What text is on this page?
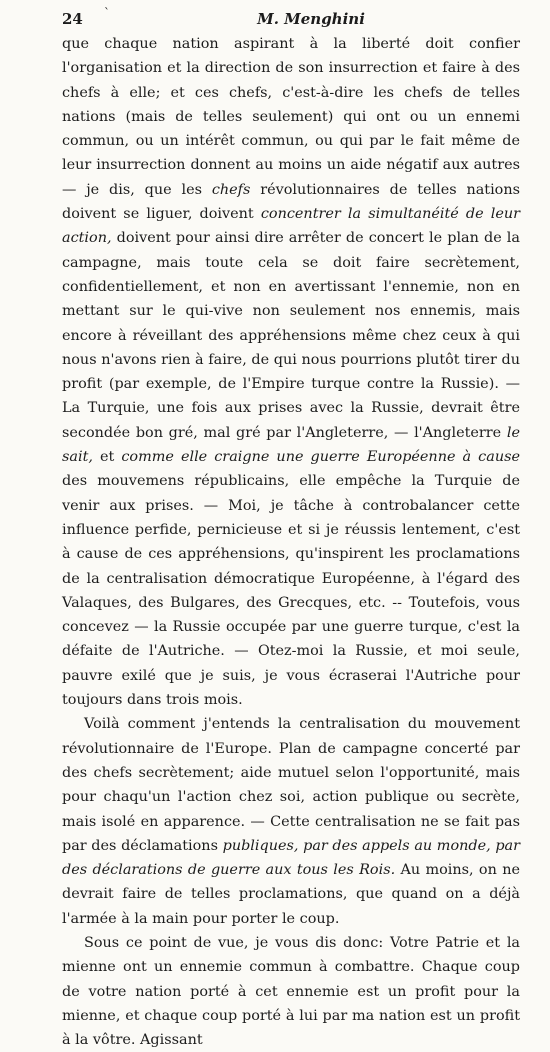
24 `	M. Menghini

que chaque nation aspirant à la liberté doit confier l'organisation et la direction de son insurrection et faire à des chefs à elle; et ces chefs, c'est-à-dire les chefs de telles nations (mais de telles seulement) qui ont ou un ennemi commun, ou un intérêt commun, ou qui par le fait même de leur insurrection donnent au moins un aide négatif aux autres — je dis, que les chefs révolutionnaires de telles nations doivent se liguer, doivent concentrer la simultanéité de leur action, doivent pour ainsi dire arrêter de concert le plan de la campagne, mais toute cela se doit faire secrètement, confidentiellement, et non en avertissant l'ennemie, non en mettant sur le qui-vive non seulement nos ennemis, mais encore à réveillant des appréhensions même chez ceux à qui nous n'avons rien à faire, de qui nous pourrions plutôt tirer du profit (par exemple, de l'Empire turque contre la Russie). — La Turquie, une fois aux prises avec la Russie, devrait être secondée bon gré, mal gré par l'Angleterre, — l'Angleterre le sait, et comme elle craigne une guerre Européenne à cause des mouvemens républicains, elle empêche la Turquie de venir aux prises. — Moi, je tâche à controbalancer cette influence perfide, pernicieuse et si je réussis lentement, c'est à cause de ces appréhensions, qu'inspirent les proclamations de la centralisation démocratique Européenne, à l'égard des Valaques, des Bulgares, des Grecques, etc. -- Toutefois, vous concevez — la Russie occupée par une guerre turque, c'est la défaite de l'Autriche. — Otez-moi la Russie, et moi seule, pauvre exilé que je suis, je vous écraserai l'Autriche pour toujours dans trois mois.

Voilà comment j'entends la centralisation du mouvement révolutionnaire de l'Europe. Plan de campagne concerté par des chefs secrètement; aide mutuel selon l'opportunité, mais pour chaqu'un l'action chez soi, action publique ou secrète, mais isolé en apparence. — Cette centralisation ne se fait pas par des déclamations publiques, par des appels au monde, par des déclarations de guerre aux tous les Rois. Au moins, on ne devrait faire de telles proclamations, que quand on a déjà l'armée à la main pour porter le coup.

Sous ce point de vue, je vous dis donc: Votre Patrie et la mienne ont un ennemie commun à combattre. Chaque coup de votre nation porté à cet ennemie est un profit pour la mienne, et chaque coup porté à lui par ma nation est un profit à la vôtre. Agissant
